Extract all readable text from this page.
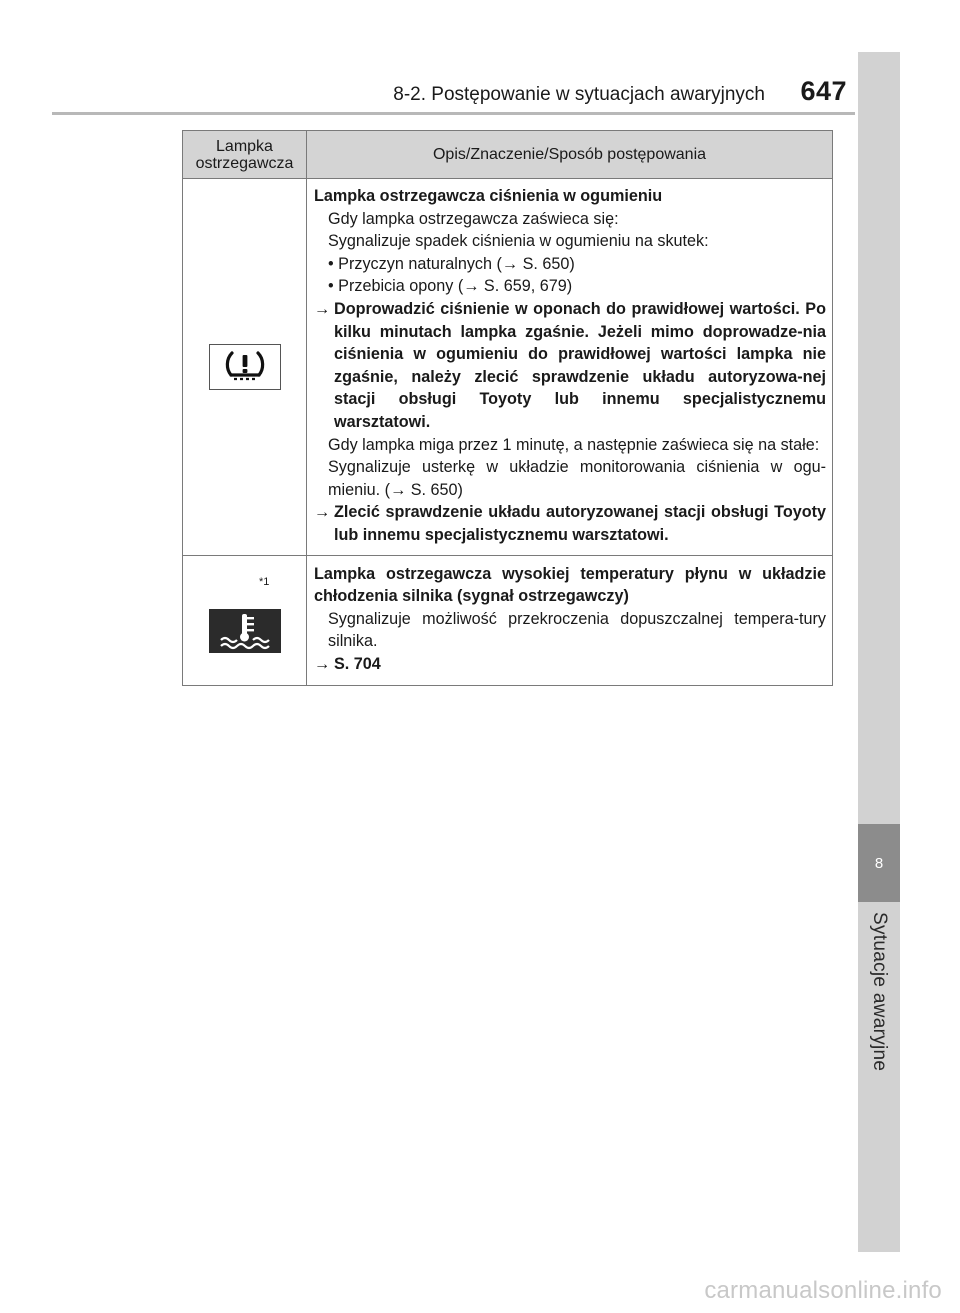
8-2. Postępowanie w sytuacjach awaryjnych 647
8
Sytuacje awaryjne
Lampka
ostrzegawcza	Opis/Znaczenie/Sposób postępowania

Lampka ostrzegawcza ciśnienia w ogumieniu

Gdy lampka ostrzegawcza zaświeca się:

Sygnalizuje spadek ciśnienia w ogumieniu na skutek:

• Przyczyn naturalnych (→ S. 650)

• Przebicia opony (→ S. 659, 679)

→ Doprowadzić ciśnienie w oponach do prawidłowej wartości. Po kilku minutach lampka zgaśnie. Jeżeli mimo doprowadze-nia ciśnienia w ogumieniu do prawidłowej wartości lampka nie zgaśnie, należy zlecić sprawdzenie układu autoryzowa-nej stacji obsługi Toyoty lub innemu specjalistycznemu warsztatowi.

Gdy lampka miga przez 1 minutę, a następnie zaświeca się na stałe:

Sygnalizuje usterkę w układzie monitorowania ciśnienia w ogu-mieniu. (→ S. 650)

→ Zlecić sprawdzenie układu autoryzowanej stacji obsługi Toyoty lub innemu specjalistycznemu warsztatowi.
*1	Lampka ostrzegawcza wysokiej temperatury płynu w układzie chłodzenia silnika (sygnał ostrzegawczy)

Sygnalizuje możliwość przekroczenia dopuszczalnej tempera-tury silnika.

→ S. 704
carmanualsonline.info
